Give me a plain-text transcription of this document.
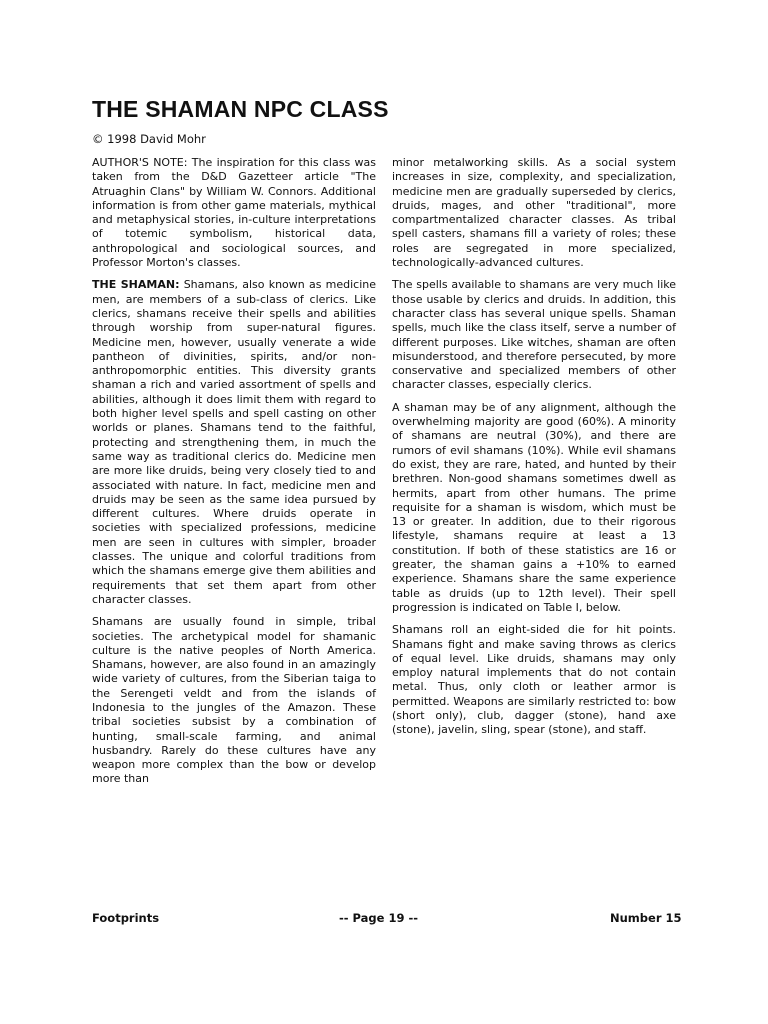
THE SHAMAN NPC CLASS
© 1998 David Mohr

AUTHOR'S NOTE: The inspiration for this class was taken from the D&D Gazetteer article "The Atruaghin Clans" by William W. Connors. Additional information is from other game materials, mythical and metaphysical stories, in-culture interpretations of totemic symbolism, historical data, anthropological and sociological sources, and Professor Morton's classes.

THE SHAMAN: Shamans, also known as medicine men, are members of a sub-class of clerics. Like clerics, shamans receive their spells and abilities through worship from super-natural figures. Medicine men, however, usually venerate a wide pantheon of divinities, spirits, and/or non-anthropomorphic entities. This diversity grants shaman a rich and varied assortment of spells and abilities, although it does limit them with regard to both higher level spells and spell casting on other worlds or planes. Shamans tend to the faithful, protecting and strengthening them, in much the same way as traditional clerics do. Medicine men are more like druids, being very closely tied to and associated with nature. In fact, medicine men and druids may be seen as the same idea pursued by different cultures. Where druids operate in societies with specialized professions, medicine men are seen in cultures with simpler, broader classes. The unique and colorful traditions from which the shamans emerge give them abilities and requirements that set them apart from other character classes.

Shamans are usually found in simple, tribal societies. The archetypical model for shamanic culture is the native peoples of North America. Shamans, however, are also found in an amazingly wide variety of cultures, from the Siberian taiga to the Serengeti veldt and from the islands of Indonesia to the jungles of the Amazon. These tribal societies subsist by a combination of hunting, small-scale farming, and animal husbandry. Rarely do these cultures have any weapon more complex than the bow or develop more than

minor metalworking skills. As a social system increases in size, complexity, and specialization, medicine men are gradually superseded by clerics, druids, mages, and other "traditional", more compartmentalized character classes. As tribal spell casters, shamans fill a variety of roles; these roles are segregated in more specialized, technologically-advanced cultures.

The spells available to shamans are very much like those usable by clerics and druids. In addition, this character class has several unique spells. Shaman spells, much like the class itself, serve a number of different purposes. Like witches, shaman are often misunderstood, and therefore persecuted, by more conservative and specialized members of other character classes, especially clerics.

A shaman may be of any alignment, although the overwhelming majority are good (60%). A minority of shamans are neutral (30%), and there are rumors of evil shamans (10%). While evil shamans do exist, they are rare, hated, and hunted by their brethren. Non-good shamans sometimes dwell as hermits, apart from other humans. The prime requisite for a shaman is wisdom, which must be 13 or greater. In addition, due to their rigorous lifestyle, shamans require at least a 13 constitution. If both of these statistics are 16 or greater, the shaman gains a +10% to earned experience. Shamans share the same experience table as druids (up to 12th level). Their spell progression is indicated on Table I, below.

Shamans roll an eight-sided die for hit points. Shamans fight and make saving throws as clerics of equal level. Like druids, shamans may only employ natural implements that do not contain metal. Thus, only cloth or leather armor is permitted. Weapons are similarly restricted to: bow (short only), club, dagger (stone), hand axe (stone), javelin, sling, spear (stone), and staff.

Footprints	-- Page 19 --	Number 15
